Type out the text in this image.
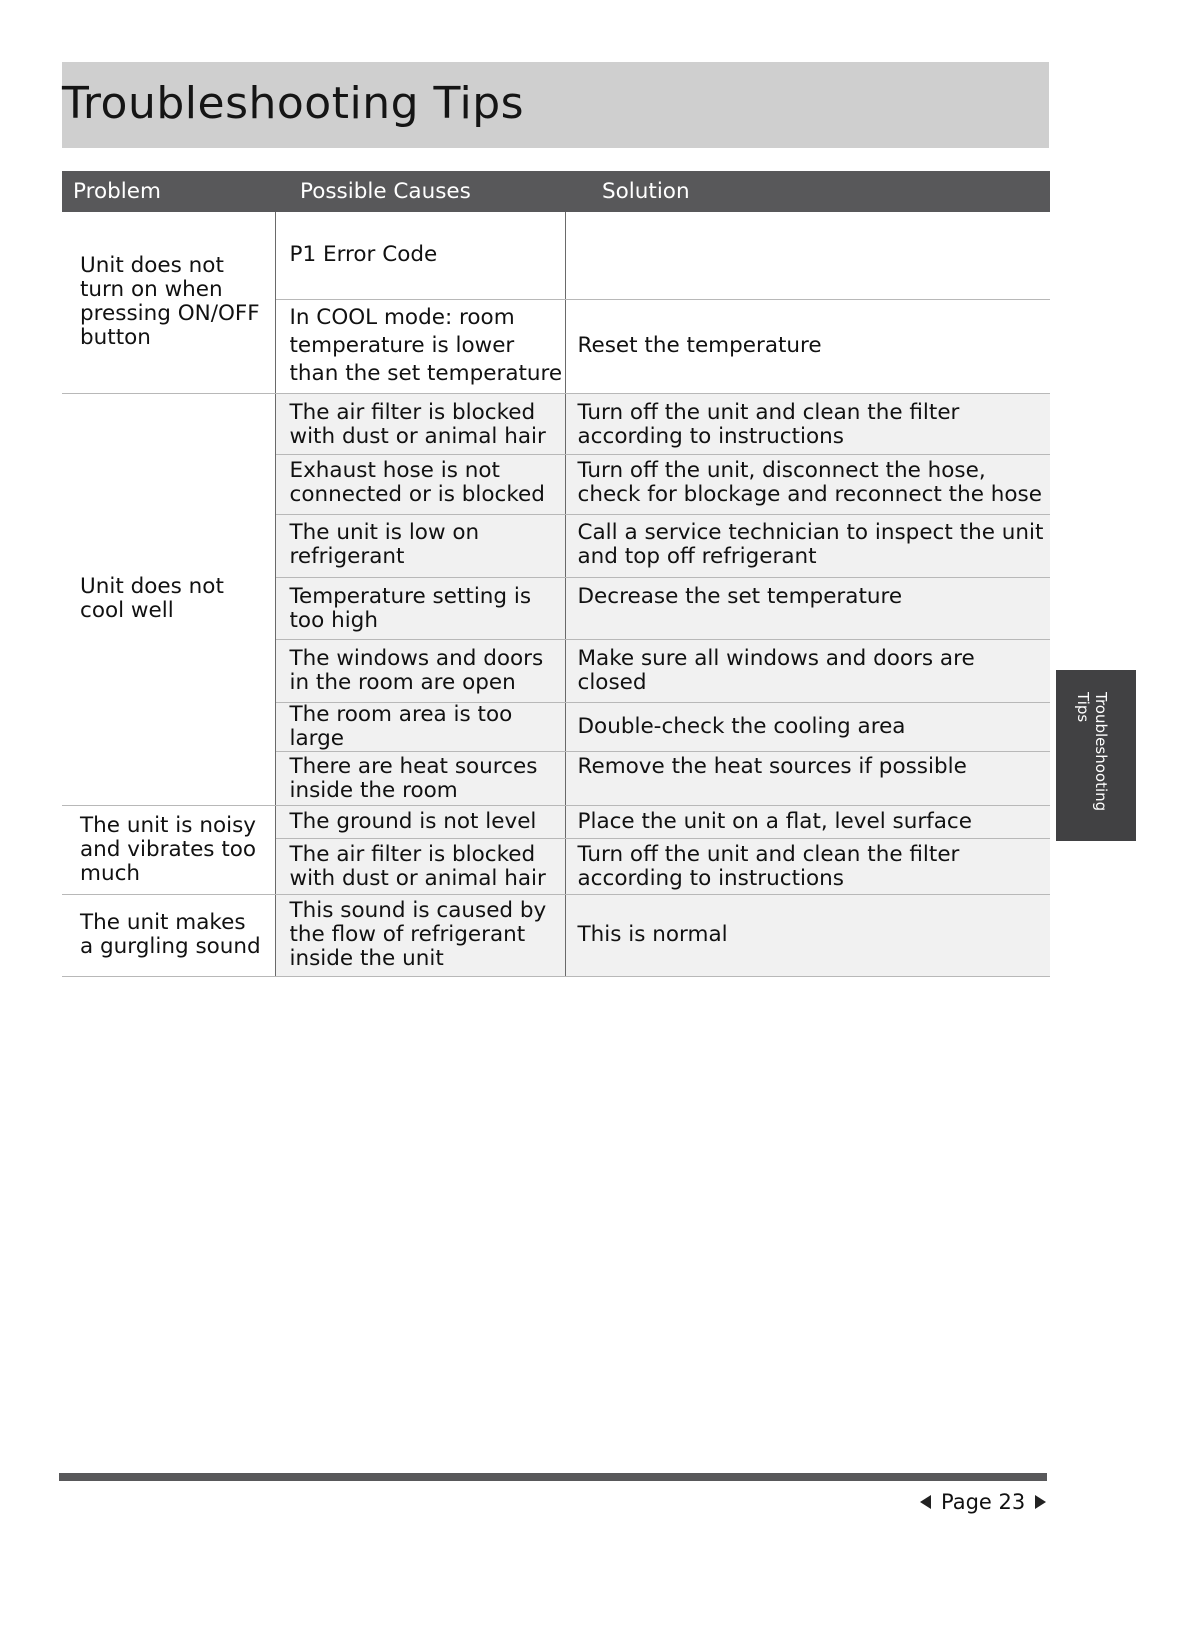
Troubleshooting Tips
Problem	Possible Causes	Solution
Unit does not turn on when pressing ON/OFF button	P1 Error Code	
	In COOL mode: room temperature is lower than the set temperature	Reset the temperature
Unit does not cool well	The air filter is blocked with dust or animal hair	Turn off the unit and clean the filter according to instructions
	Exhaust hose is not connected or is blocked	Turn off the unit, disconnect the hose, check for blockage and reconnect the hose
	The unit is low on refrigerant	Call a service technician to inspect the unit and top off refrigerant
	Temperature setting is too high	Decrease the set temperature
	The windows and doors in the room are open	Make sure all windows and doors are closed
	The room area is too large	Double-check the cooling area
	There are heat sources inside the room	Remove the heat sources if possible
The unit is noisy and vibrates too much	The ground is not level	Place the unit on a flat, level surface
	The air filter is blocked with dust or animal hair	Turn off the unit and clean the filter according to instructions
The unit makes a gurgling sound	This sound is caused by the flow of refrigerant inside the unit	This is normal
Troubleshooting Tips
Page 23
